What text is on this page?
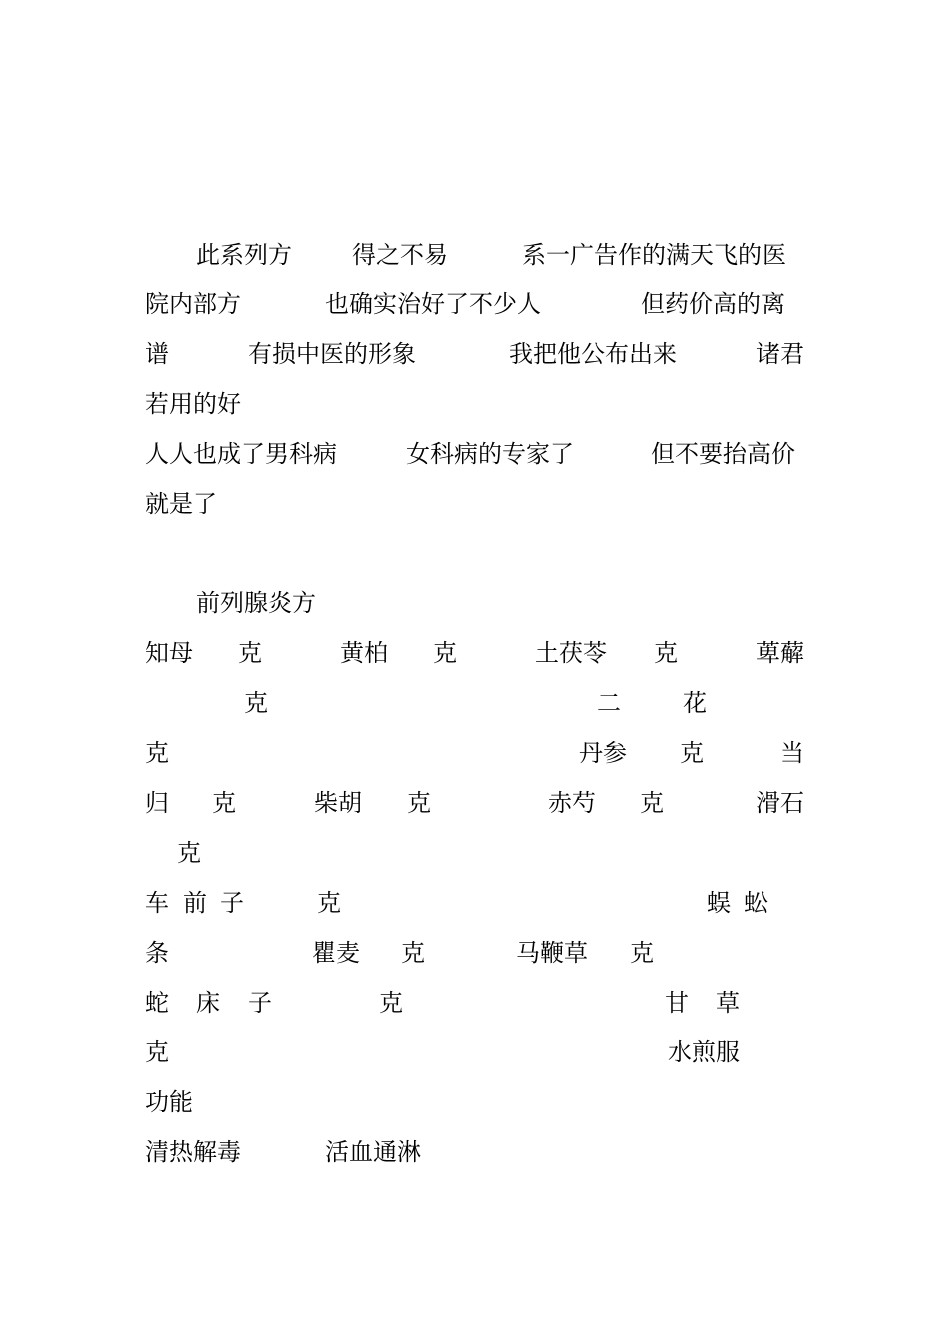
此系列方	得之不易	系一广告作的满天飞的医
院内部方	也确实治好了不少人	但药价高的离
谱	有损中医的形象	我把他公布出来	诸君
若用的好
人人也成了男科病	女科病的专家了	但不要抬高价
就是了
前列腺炎方
知母 克	黄柏 克	土茯苓 克	萆薢
克	二	花
克	丹参 克	当
归 克	柴胡 克	赤芍 克	滑石
克
车 前 子	克	蜈 蚣
条	瞿麦 克	马鞭草 克
蛇 床 子	克	甘 草
克	水煎服
功能
清热解毒	活血通淋
